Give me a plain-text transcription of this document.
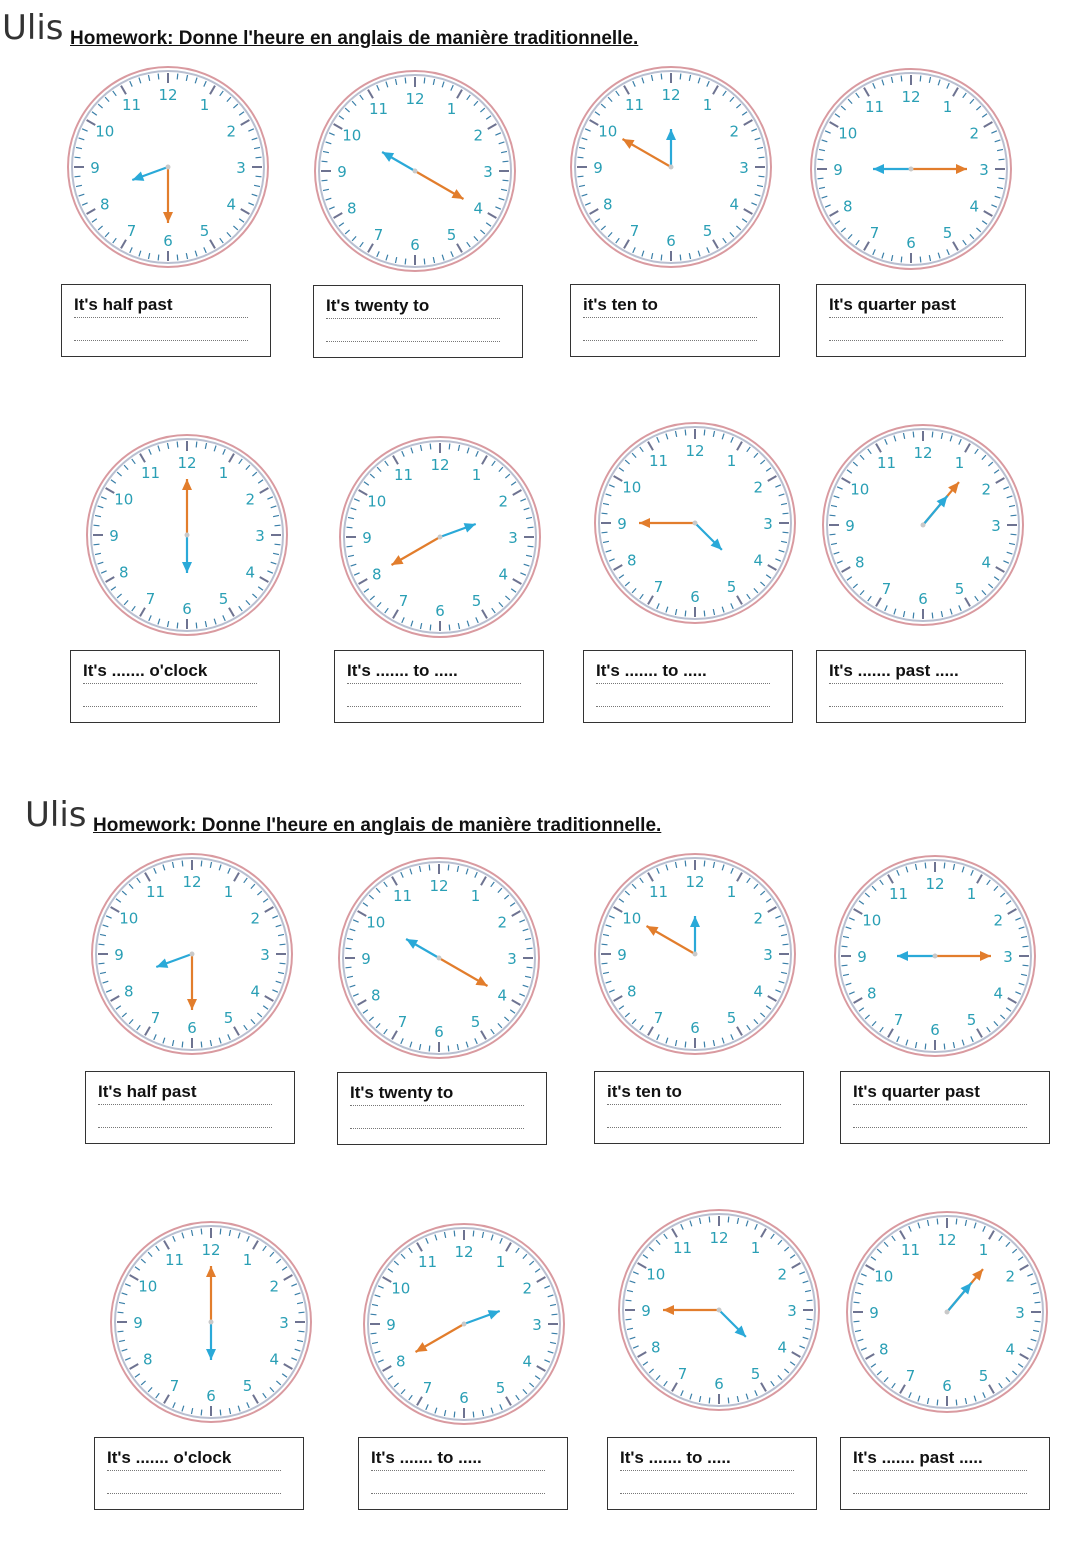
Ulis Homework: Donne l'heure en anglais de manière traditionnelle.
12
1
2
3
4
5
6
7
8
9
10
11
It's half past
12
1
2
3
4
5
6
7
8
9
10
11
It's twenty to
12
1
2
3
4
5
6
7
8
9
10
11
it's ten to
12
1
2
3
4
5
6
7
8
9
10
11
It's quarter past
12
1
2
3
4
5
6
7
8
9
10
11
It's ....... o'clock
12
1
2
3
4
5
6
7
8
9
10
11
It's ....... to .....
12
1
2
3
4
5
6
7
8
9
10
11
It's ....... to .....
12
1
2
3
4
5
6
7
8
9
10
11
It's ....... past .....
Ulis Homework: Donne l'heure en anglais de manière traditionnelle.
12
1
2
3
4
5
6
7
8
9
10
11
It's half past
12
1
2
3
4
5
6
7
8
9
10
11
It's twenty to
12
1
2
3
4
5
6
7
8
9
10
11
it's ten to
12
1
2
3
4
5
6
7
8
9
10
11
It's quarter past
12
1
2
3
4
5
6
7
8
9
10
11
It's ....... o'clock
12
1
2
3
4
5
6
7
8
9
10
11
It's ....... to .....
12
1
2
3
4
5
6
7
8
9
10
11
It's ....... to .....
12
1
2
3
4
5
6
7
8
9
10
11
It's ....... past .....
